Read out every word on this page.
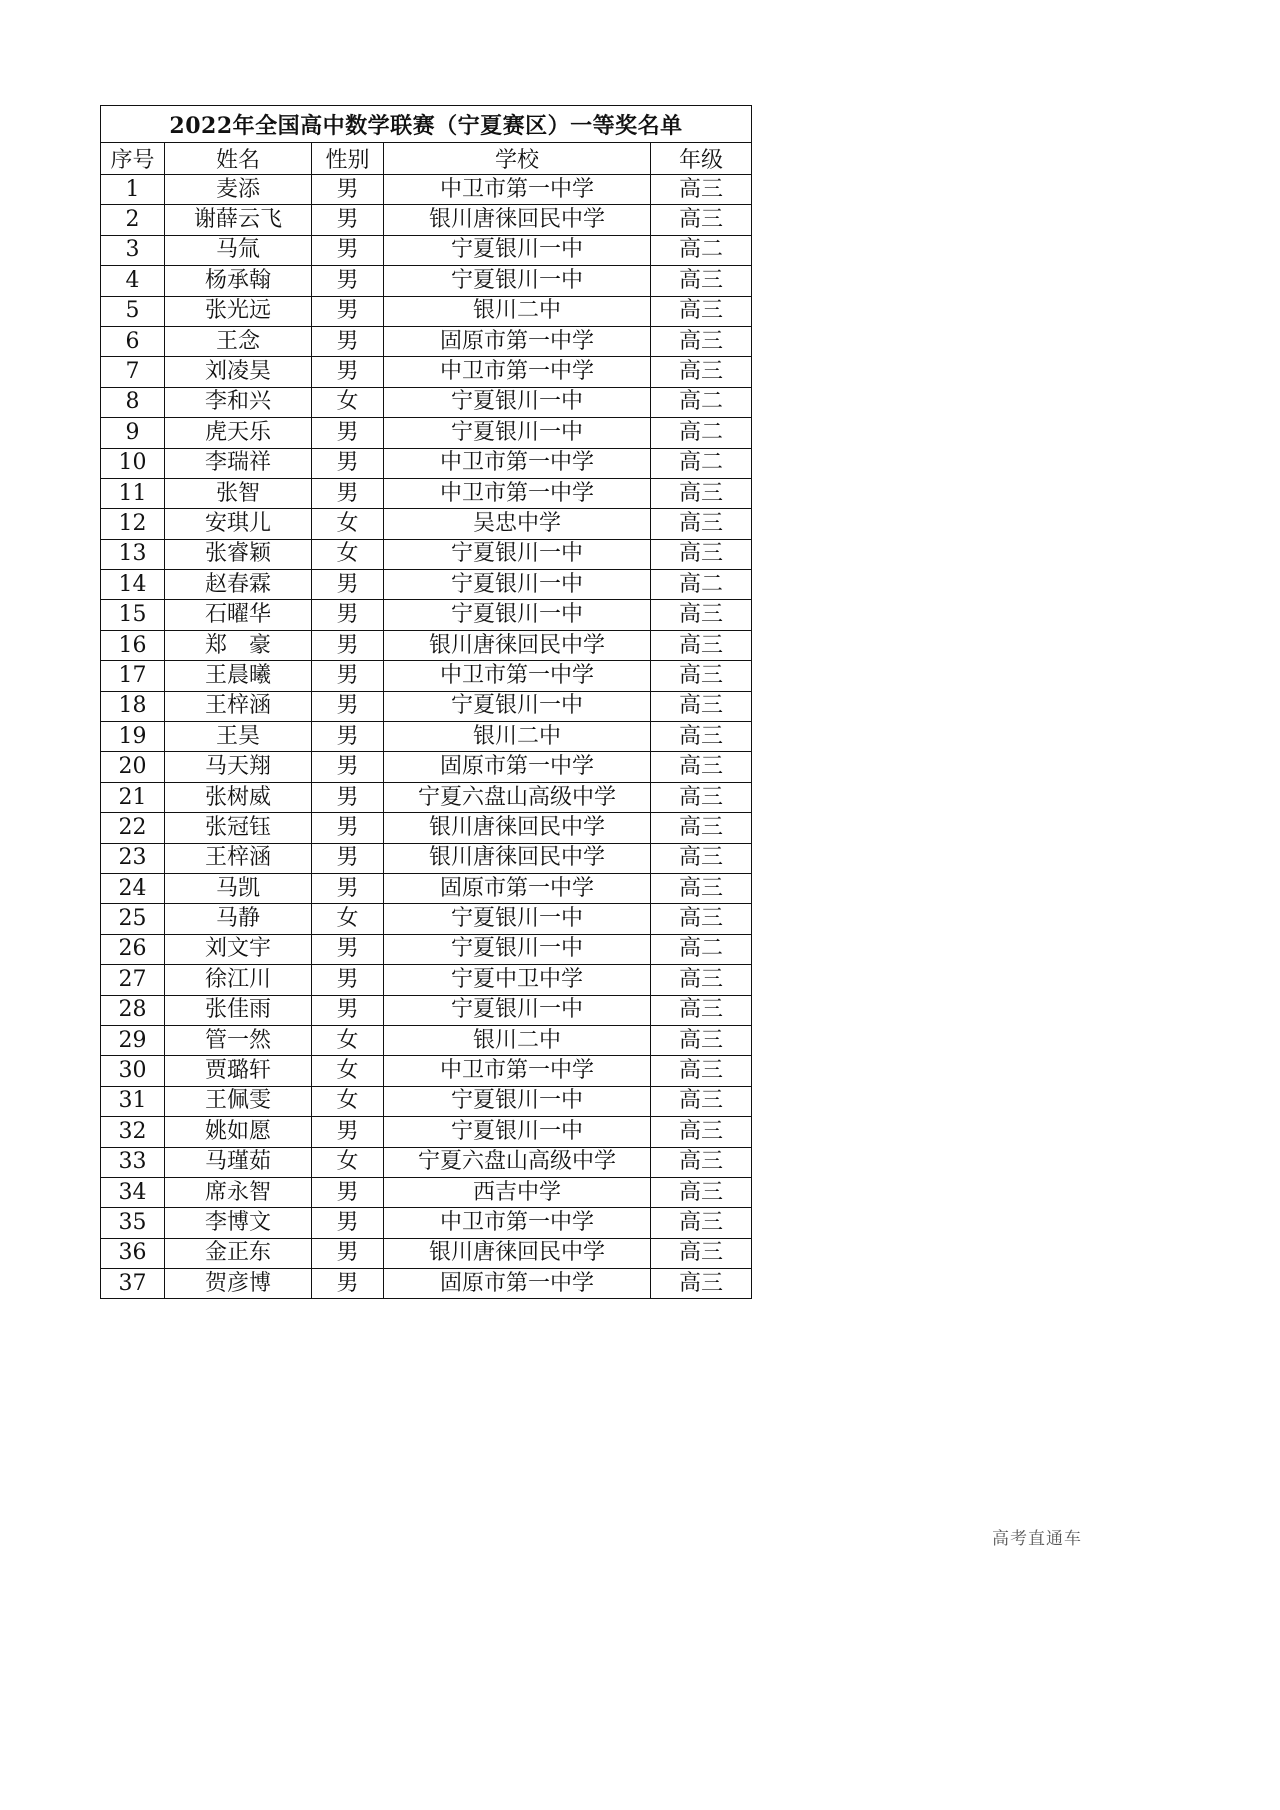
2022年全国高中数学联赛（宁夏赛区）一等奖名单				
序号	姓名	性别	学校	年级
1	麦添	男	中卫市第一中学	高三
2	谢薛云飞	男	银川唐徕回民中学	高三
3	马氚	男	宁夏银川一中	高二
4	杨承翰	男	宁夏银川一中	高三
5	张光远	男	银川二中	高三
6	王念	男	固原市第一中学	高三
7	刘凌昊	男	中卫市第一中学	高三
8	李和兴	女	宁夏银川一中	高二
9	虎天乐	男	宁夏银川一中	高二
10	李瑞祥	男	中卫市第一中学	高二
11	张智	男	中卫市第一中学	高三
12	安琪儿	女	吴忠中学	高三
13	张睿颖	女	宁夏银川一中	高三
14	赵春霖	男	宁夏银川一中	高二
15	石曜华	男	宁夏银川一中	高三
16	郑　豪	男	银川唐徕回民中学	高三
17	王晨曦	男	中卫市第一中学	高三
18	王梓涵	男	宁夏银川一中	高三
19	王昊	男	银川二中	高三
20	马天翔	男	固原市第一中学	高三
21	张树威	男	宁夏六盘山高级中学	高三
22	张冠钰	男	银川唐徕回民中学	高三
23	王梓涵	男	银川唐徕回民中学	高三
24	马凯	男	固原市第一中学	高三
25	马静	女	宁夏银川一中	高三
26	刘文宇	男	宁夏银川一中	高二
27	徐江川	男	宁夏中卫中学	高三
28	张佳雨	男	宁夏银川一中	高三
29	管一然	女	银川二中	高三
30	贾璐轩	女	中卫市第一中学	高三
31	王佩雯	女	宁夏银川一中	高三
32	姚如愿	男	宁夏银川一中	高三
33	马瑾茹	女	宁夏六盘山高级中学	高三
34	席永智	男	西吉中学	高三
35	李博文	男	中卫市第一中学	高三
36	金正东	男	银川唐徕回民中学	高三
37	贺彦博	男	固原市第一中学	高三
高考直通车
